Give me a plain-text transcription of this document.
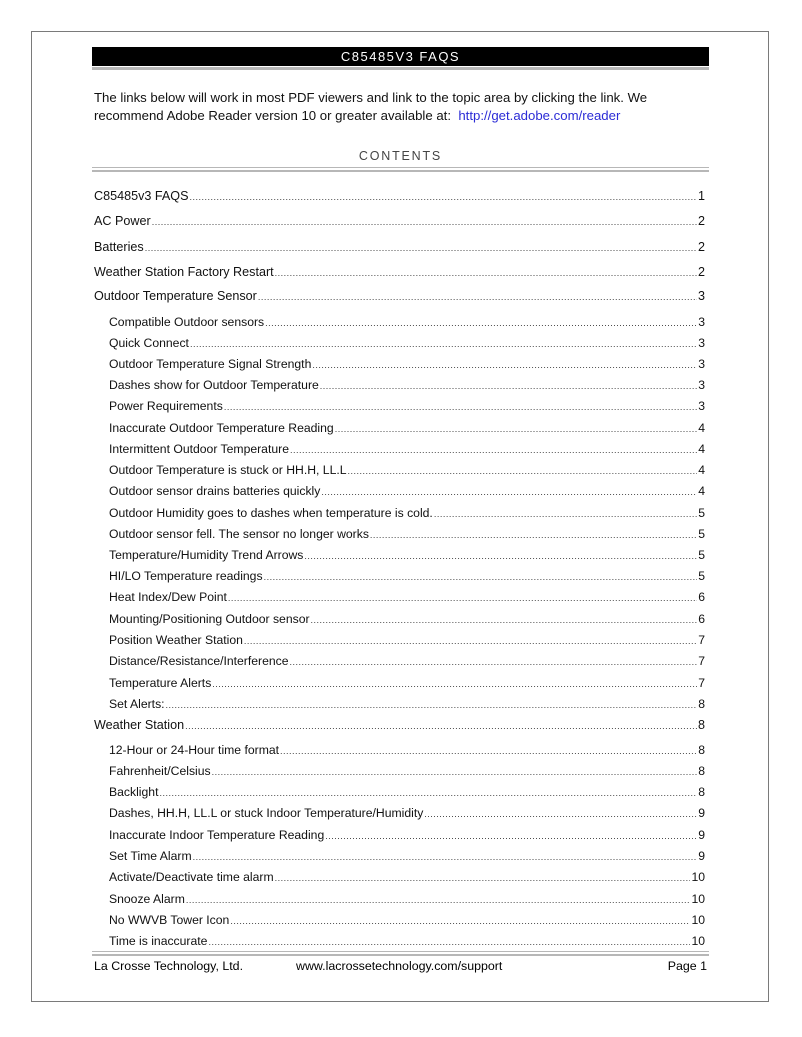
C85485V3 FAQS
The links below will work in most PDF viewers and link to the topic area by clicking the link. We recommend Adobe Reader version 10 or greater available at: http://get.adobe.com/reader
CONTENTS
C85485v3 FAQS .....	1
AC Power .....	2
Batteries .....	2
Weather Station Factory Restart .....	2
Outdoor Temperature Sensor .....	3
Compatible Outdoor sensors .....	3
Quick Connect .....	3
Outdoor Temperature Signal Strength .....	3
Dashes show for Outdoor Temperature .....	3
Power Requirements .....	3
Inaccurate Outdoor Temperature Reading .....	4
Intermittent Outdoor Temperature .....	4
Outdoor Temperature is stuck or HH.H, LL.L .....	4
Outdoor sensor drains batteries quickly .....	4
Outdoor Humidity goes to dashes when temperature is cold. .....	5
Outdoor sensor fell. The sensor no longer works .....	5
Temperature/Humidity Trend Arrows .....	5
HI/LO Temperature readings .....	5
Heat Index/Dew Point .....	6
Mounting/Positioning Outdoor sensor .....	6
Position Weather Station .....	7
Distance/Resistance/Interference .....	7
Temperature Alerts .....	7
Set Alerts: .....	8
Weather Station .....	8
12-Hour or 24-Hour time format .....	8
Fahrenheit/Celsius .....	8
Backlight .....	8
Dashes, HH.H, LL.L or stuck Indoor Temperature/Humidity .....	9
Inaccurate Indoor Temperature Reading .....	9
Set Time Alarm .....	9
Activate/Deactivate time alarm .....	10
Snooze Alarm .....	10
No WWVB Tower Icon .....	10
Time is inaccurate .....	10
La Crosse Technology, Ltd.	www.lacrossetechnology.com/support	Page 1
